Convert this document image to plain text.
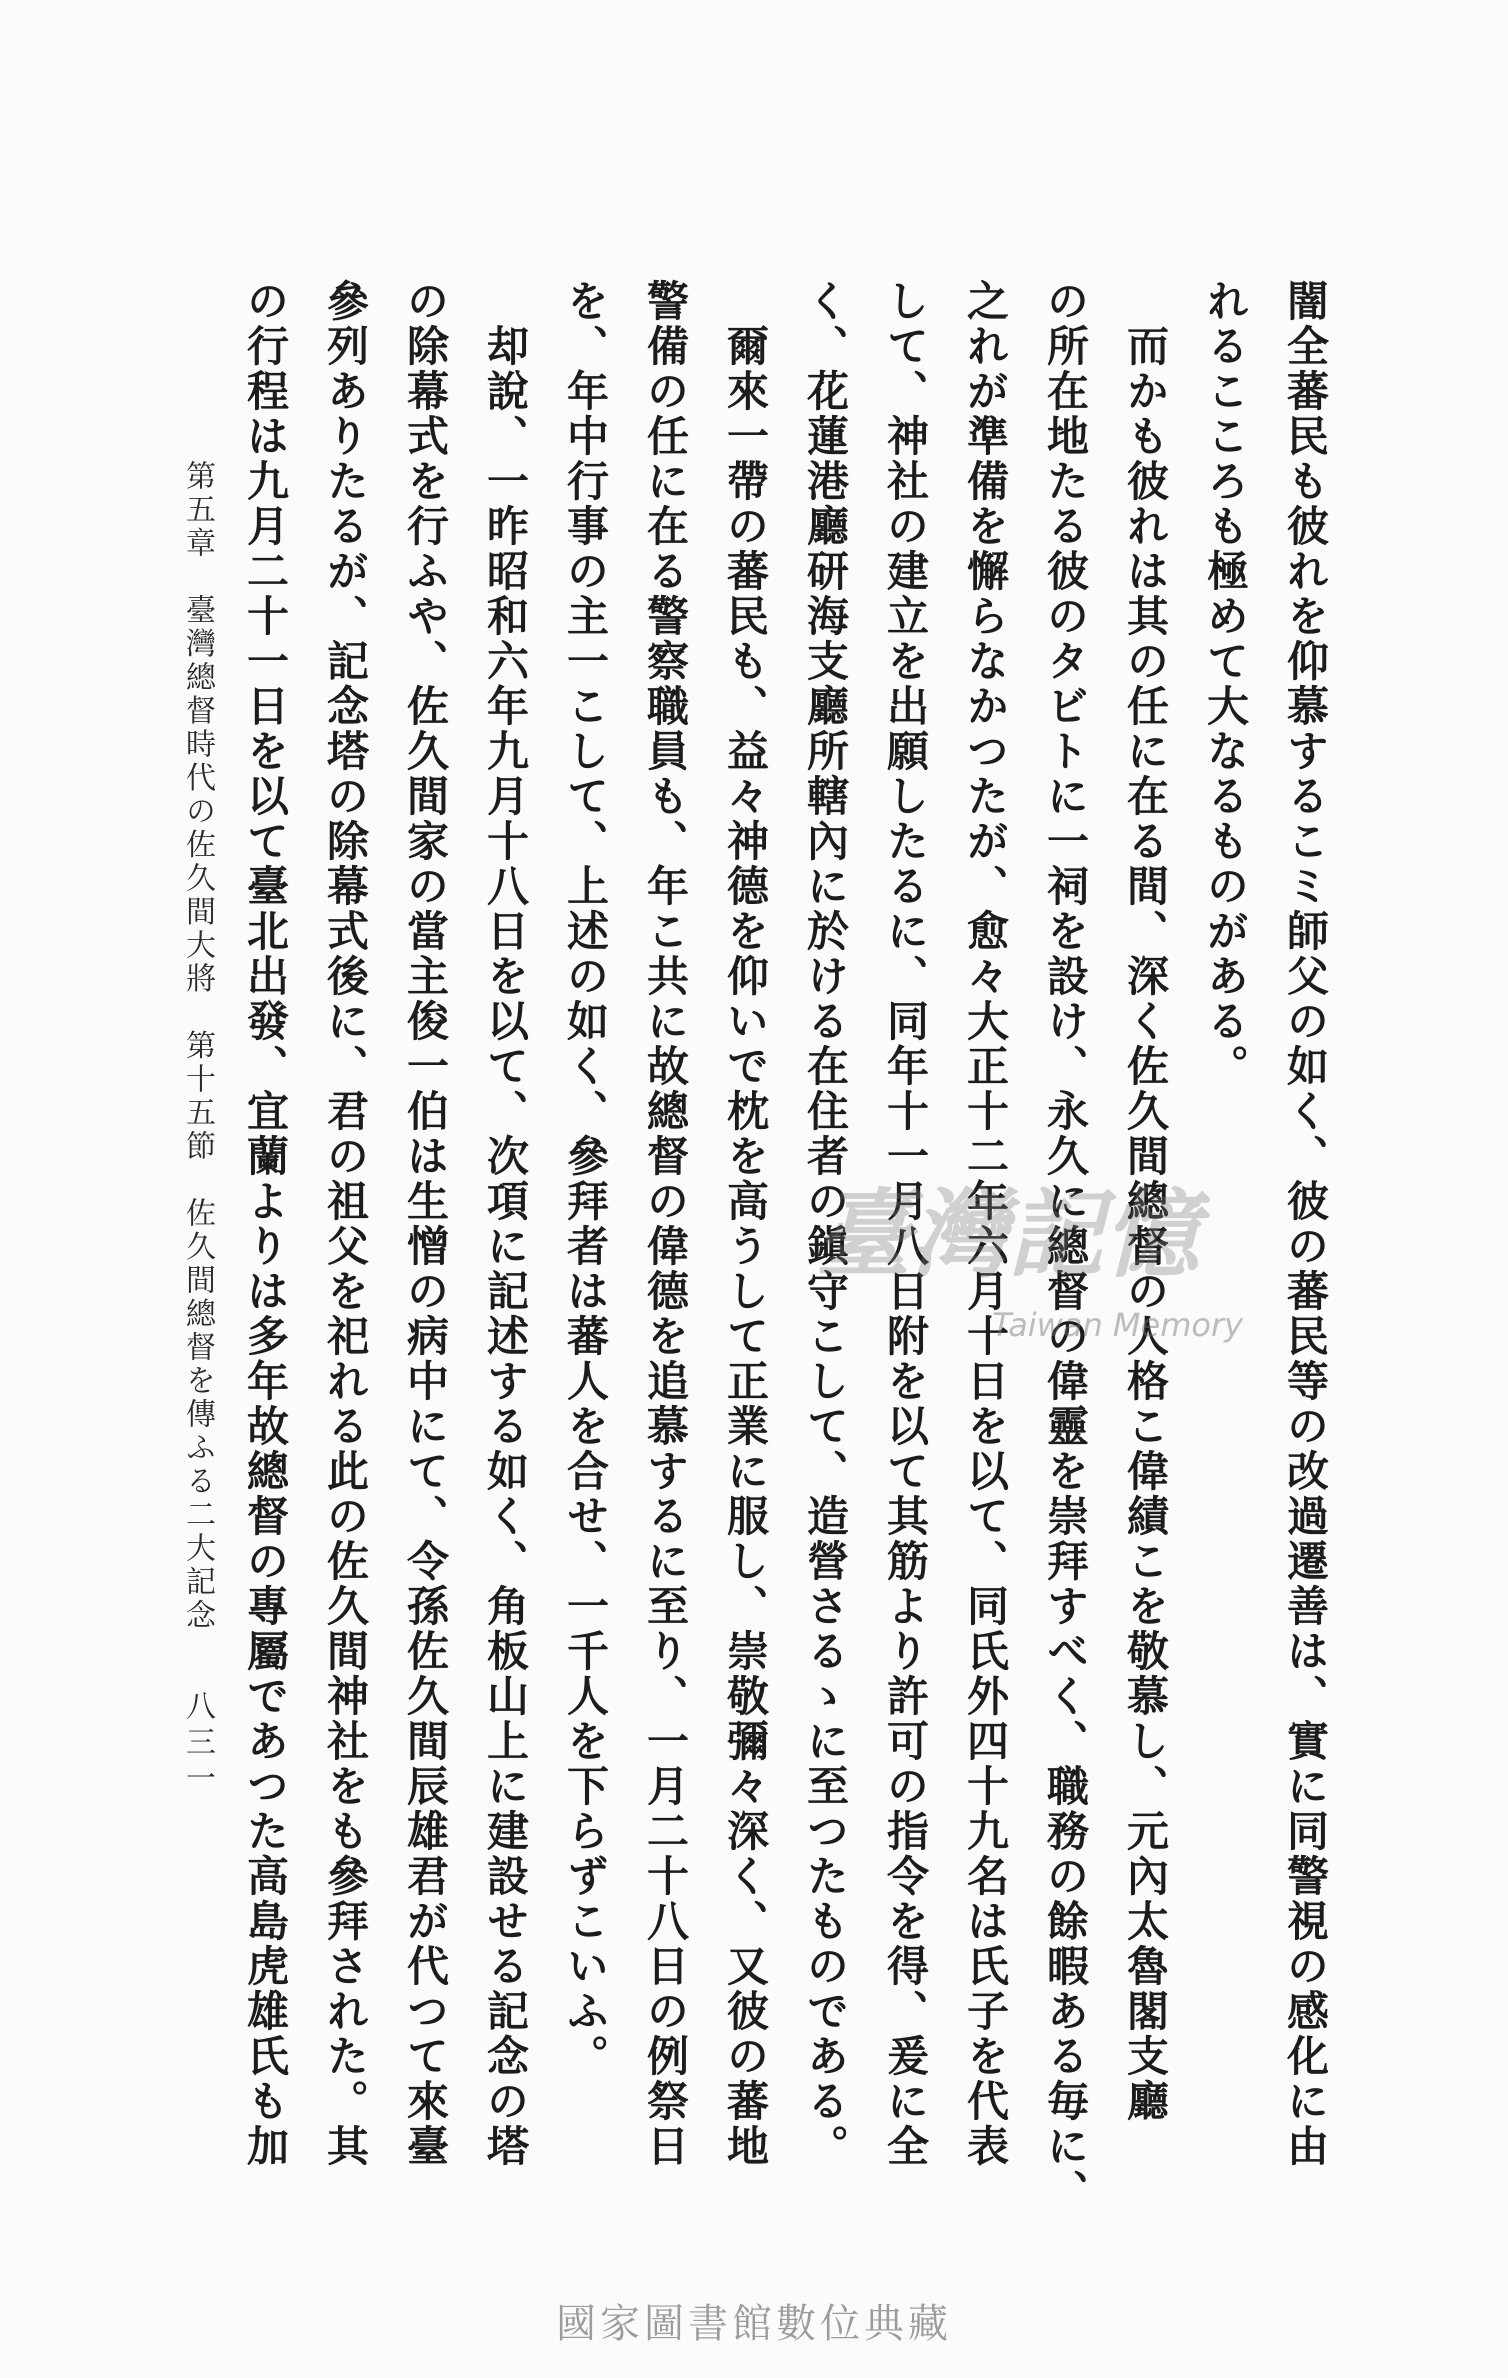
闇全蕃民も彼れを仰慕するこミ師父の如く、彼の蕃民等の改過遷善は、實に同警視の感化に由
れるこころも極めて大なるものがある。
而かも彼れは其の任に在る間、深く佐久間總督の人格こ偉績こを敬慕し、元內太魯閣支廳
の所在地たる彼のタビトに一祠を設け、永久に總督の偉靈を崇拜すべく、職務の餘暇ある毎に、
之れが準備を懈らなかつたが、愈々大正十二年六月十日を以て、同氏外四十九名は氏子を代表
して、神社の建立を出願したるに、同年十一月八日附を以て其筋より許可の指令を得、爰に全
く、花蓮港廳研海支廳所轄內に於ける在住者の鎭守こして、造營さるゝに至つたものである。
爾來一帶の蕃民も、益々神德を仰いで枕を高うして正業に服し、崇敬彌々深く、又彼の蕃地
警備の任に在る警察職員も、年こ共に故總督の偉德を追慕するに至り、一月二十八日の例祭日
を、年中行事の主一こして、上述の如く、參拜者は蕃人を合せ、一千人を下らずこいふ。
却說、一昨昭和六年九月十八日を以て、次項に記述する如く、角板山上に建設せる記念の塔
の除幕式を行ふや、佐久間家の當主俊一伯は生憎の病中にて、令孫佐久間辰雄君が代つて來臺
參列ありたるが、記念塔の除幕式後に、君の祖父を祀れる此の佐久間神社をも參拜された。其
の行程は九月二十一日を以て臺北出發、宜蘭よりは多年故總督の專屬であつた高島虎雄氏も加
第五章　臺灣總督時代の佐久間大將　第十五節　佐久間總督を傳ふる二大記念
八三一
臺灣記憶
Taiwan Memory
國家圖書館數位典藏
